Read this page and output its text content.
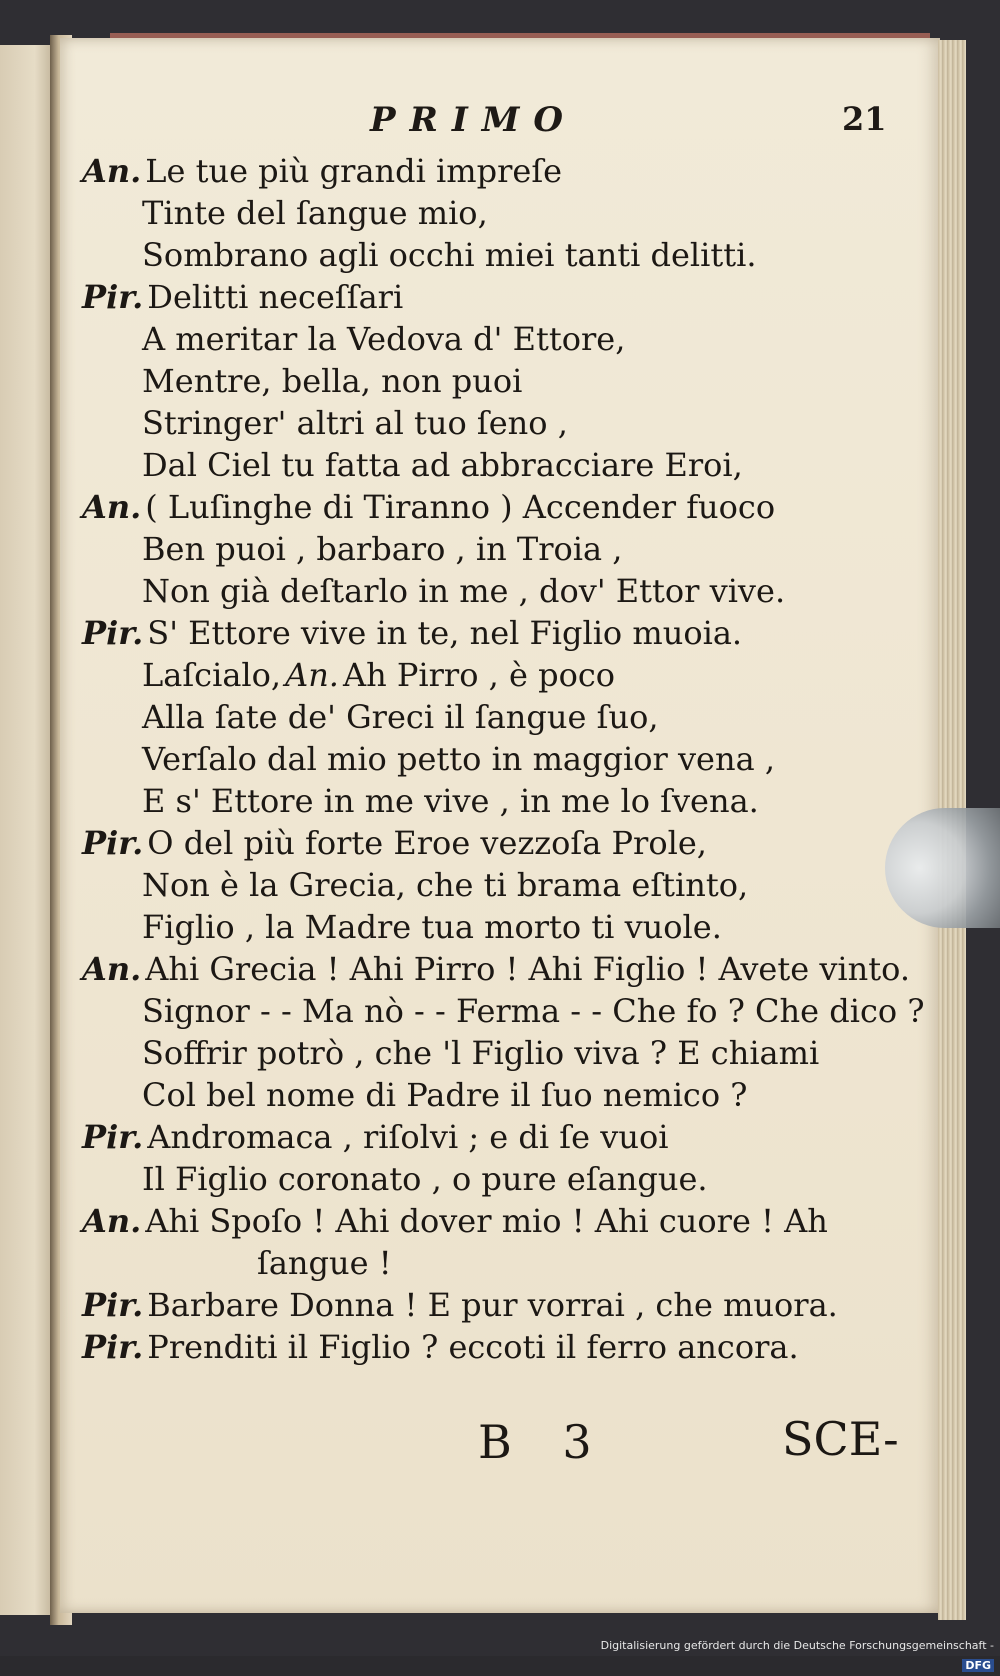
PRIMO	21
An. Le tue più grandi impreſe
Tinte del ſangue mio,
Sombrano agli occhi miei tanti delitti.
Pir. Delitti neceſſari
A meritar la Vedova d' Ettore,
Mentre, bella, non puoi
Stringer' altri al tuo ſeno ,
Dal Ciel tu fatta ad abbracciare Eroi,
An. ( Luſinghe di Tiranno ) Accender fuoco
Ben puoi , barbaro , in Troia ,
Non già deſtarlo in me , dov' Ettor vive.
Pir. S' Ettore vive in te, nel Figlio muoia.
Laſcialo, An. Ah Pirro , è poco
Alla ſate de' Greci il ſangue ſuo,
Verſalo dal mio petto in maggior vena ,
E s' Ettore in me vive , in me lo ſvena.
Pir. O del più forte Eroe vezzoſa Prole,
Non è la Grecia, che ti brama eſtinto,
Figlio , la Madre tua morto ti vuole.
An. Ahi Grecia ! Ahi Pirro ! Ahi Figlio ! Avete vinto.
Signor - - Ma nò - - Ferma - - Che fo ? Che dico ?
Soffrir potrò , che 'l Figlio viva ? E chiami
Col bel nome di Padre il ſuo nemico ?
Pir. Andromaca , riſolvi ; e di ſe vuoi
Il Figlio coronato , o pure eſangue.
An. Ahi Spoſo ! Ahi dover mio ! Ahi cuore ! Ah
ſangue !
Pir. Barbare Donna ! E pur vorrai , che muora.
Pir. Prenditi il Figlio ? eccoti il ferro ancora.
B 3	SCE-
Digitalisierung gefördert durch die Deutsche Forschungsgemeinschaft - DFG
